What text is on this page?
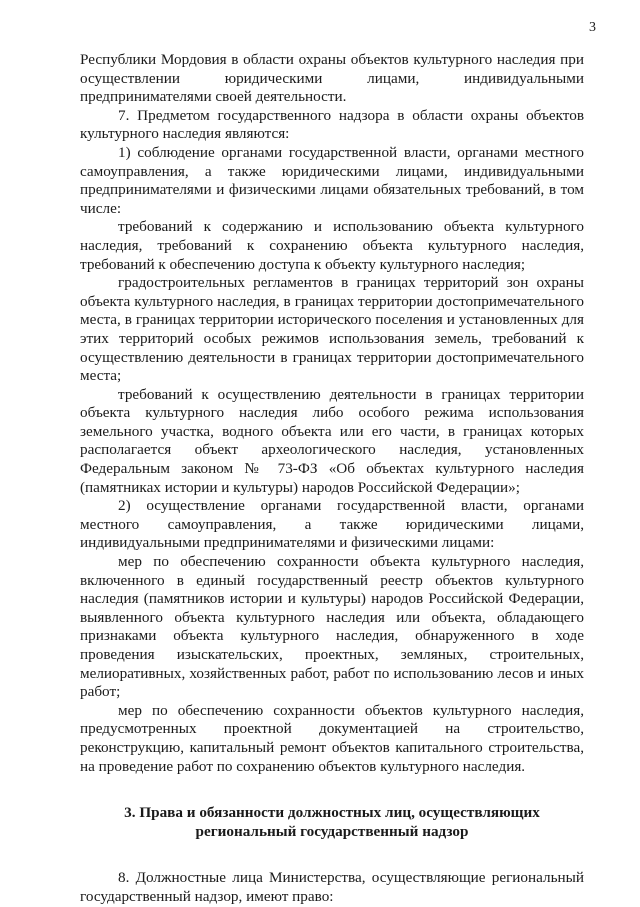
3

Республики Мордовия в области охраны объектов культурного наследия при осуществлении юридическими лицами, индивидуальными предпринимателями своей деятельности.

7. Предметом государственного надзора в области охраны объектов культурного наследия являются:

1) соблюдение органами государственной власти, органами местного самоуправления, а также юридическими лицами, индивидуальными предпринимателями и физическими лицами обязательных требований, в том числе:

требований к содержанию и использованию объекта культурного наследия, требований к сохранению объекта культурного наследия, требований к обеспечению доступа к объекту культурного наследия;

градостроительных регламентов в границах территорий зон охраны объекта культурного наследия, в границах территории достопримечательного места, в границах территории исторического поселения и установленных для этих территорий особых режимов использования земель, требований к осуществлению деятельности в границах территории достопримечательного места;

требований к осуществлению деятельности в границах территории объекта культурного наследия либо особого режима использования земельного участка, водного объекта или его части, в границах которых располагается объект археологического наследия, установленных Федеральным законом № 73-ФЗ «Об объектах культурного наследия (памятниках истории и культуры) народов Российской Федерации»;

2) осуществление органами государственной власти, органами местного самоуправления, а также юридическими лицами, индивидуальными предпринимателями и физическими лицами:

мер по обеспечению сохранности объекта культурного наследия, включенного в единый государственный реестр объектов культурного наследия (памятников истории и культуры) народов Российской Федерации, выявленного объекта культурного наследия или объекта, обладающего признаками объекта культурного наследия, обнаруженного в ходе проведения изыскательских, проектных, земляных, строительных, мелиоративных, хозяйственных работ, работ по использованию лесов и иных работ;

мер по обеспечению сохранности объектов культурного наследия, предусмотренных проектной документацией на строительство, реконструкцию, капитальный ремонт объектов капитального строительства, на проведение работ по сохранению объектов культурного наследия.

3. Права и обязанности должностных лиц, осуществляющих региональный государственный надзор

8. Должностные лица Министерства, осуществляющие региональный государственный надзор, имеют право:
